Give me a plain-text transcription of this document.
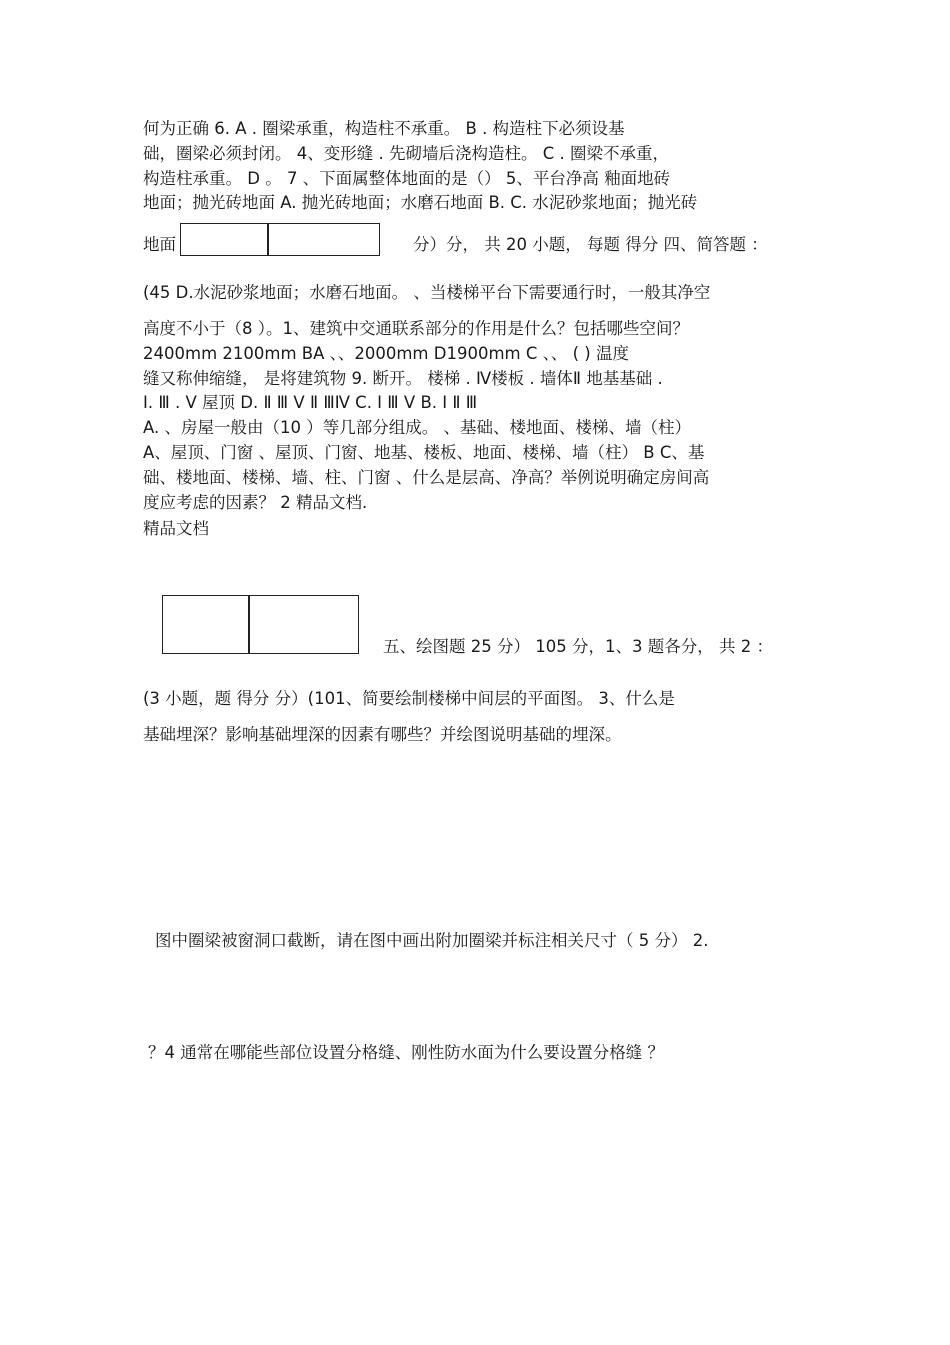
何为正确 6. A . 圈梁承重，构造柱不承重。 B . 构造柱下必须设基
础，圈梁必须封闭。 4、变形缝 . 先砌墙后浇构造柱。 C . 圈梁不承重，
构造柱承重。 D 。 7 、下面属整体地面的是（） 5、平台净高 釉面地砖
地面；抛光砖地面 A. 抛光砖地面；水磨石地面 B. C. 水泥砂浆地面；抛光砖
地面	分）分， 共 20 小题， 每题 得分 四、简答题 ：
(45 D.水泥砂浆地面；水磨石地面。 、当楼梯平台下需要通行时，一般其净空
高度不小于（8 ）。1、建筑中交通联系部分的作用是什么？包括哪些空间？
2400mm 2100mm BA 、、2000mm D1900mm C 、、 ( ) 温度
缝又称伸缩缝， 是将建筑物 9. 断开。 楼梯 . Ⅳ楼板 . 墙体Ⅱ 地基基础 .
Ⅰ. Ⅲ . Ⅴ 屋顶 D. Ⅱ Ⅲ Ⅴ Ⅱ ⅢⅣ C. Ⅰ Ⅲ Ⅴ B. Ⅰ Ⅱ Ⅲ
A. 、房屋一般由（10 ）等几部分组成。 、基础、楼地面、楼梯、墙（柱）
A、屋顶、门窗 、屋顶、门窗、地基、楼板、地面、楼梯、墙（柱） B C、基
础、楼地面、楼梯、墙、柱、门窗 、什么是层高、净高？举例说明确定房间高
度应考虑的因素？ 2 精品文档.
精品文档
五、绘图题 25 分） 105 分，1、3 题各分， 共 2 ：
(3 小题，题 得分 分）(101、简要绘制楼梯中间层的平面图。 3、什么是
基础埋深？影响基础埋深的因素有哪些？并绘图说明基础的埋深。
图中圈梁被窗洞口截断，请在图中画出附加圈梁并标注相关尺寸（ 5 分） 2.
？4 通常在哪能些部位设置分格缝、刚性防水面为什么要设置分格缝 ？
